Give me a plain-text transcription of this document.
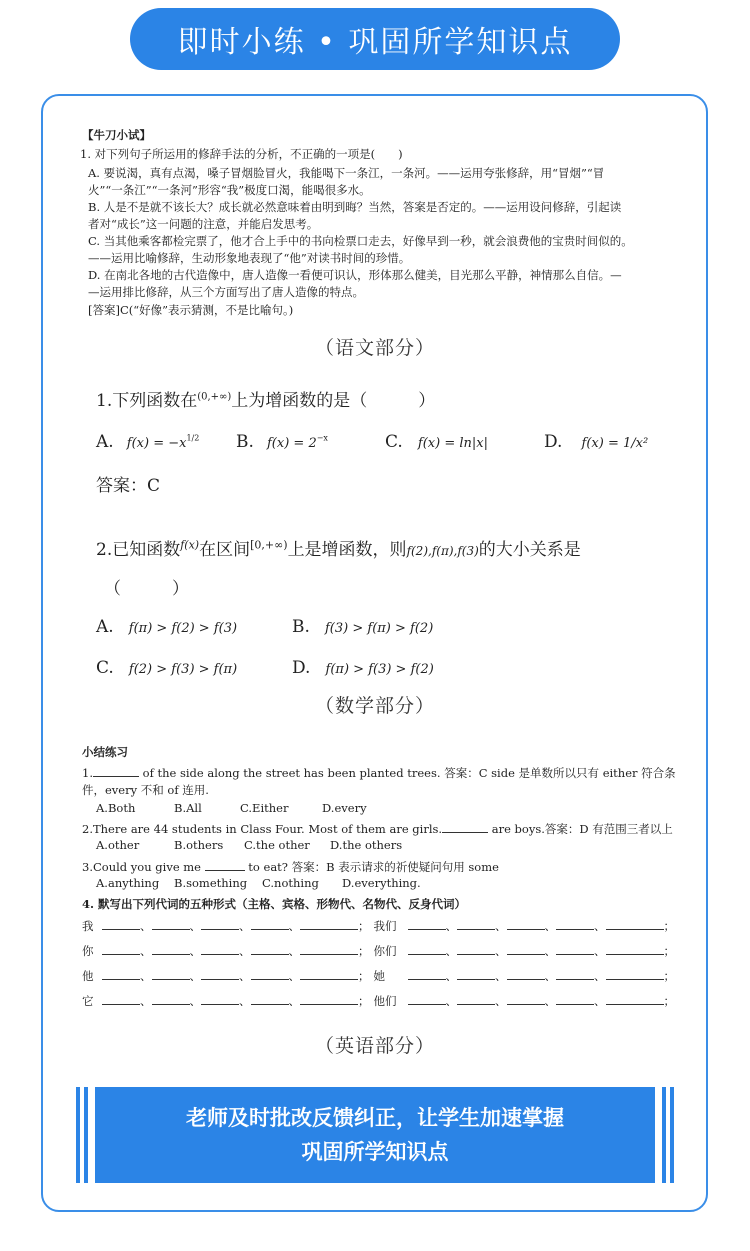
即时小练 • 巩固所学知识点
【牛刀小试】
1. 对下列句子所运用的修辞手法的分析，不正确的一项是(　　)
A. 要说渴，真有点渴，嗓子冒烟脸冒火，我能喝下一条江，一条河。——运用夸张修辞，用“冒烟”“冒
火”“一条江”“一条河”形容“我”极度口渴，能喝很多水。
B. 人是不是就不该长大？成长就必然意味着由明到晦？当然，答案是否定的。——运用设问修辞，引起读
者对“成长”这一问题的注意，并能启发思考。
C. 当其他乘客都检完票了，他才合上手中的书向检票口走去，好像早到一秒，就会浪费他的宝贵时间似的。
——运用比喻修辞，生动形象地表现了“他”对读书时间的珍惜。
D. 在南北各地的古代造像中，唐人造像一看便可识认，形体那么健美，目光那么平静，神情那么自信。—
—运用排比修辞，从三个方面写出了唐人造像的特点。
[答案]C(“好像”表示猜测，不是比喻句。)
（语文部分）
1.下列函数在$^{(0,+\infty)}$上为增函数的是（　　　）
A. $f(x) = -x^{1/2}$ B. $f(x) = 2^{-x}$	C. f(x) = ln|x|	D. f(x) = 1/x²
答案：C
2.已知函数$^{f(x)}$在区间$^{[0,+\infty)}$上是增函数，则f(2),f(π),f(3)的大小关系是
（　　　）
A. f(π) > f(2) > f(3)	B. f(3) > f(π) > f(2)
C. f(2) > f(3) > f(π)	D. f(π) > f(3) > f(2)
（数学部分）
小结练习
1.	of the side along the street has been planted trees. 答案：C side 是单数所以只有 either 符合条
件，every 不和 of 连用.
A.Both	B.All	C.Either	D.every
2.There are 44 students in Class Four. Most of them are girls.	are boys.答案：D 有范围三者以上
A.other	B.others C.the other D.the others
3.Could you give me	to eat? 答案：B 表示请求的祈使疑问句用 some
A.anything B.something C.nothing D.everything.
4. 默写出下列代词的五种形式（主格、宾格、形物代、名物代、反身代词）
我	、	、	、	、	； 我们	、	、	、	、	；
你	、	、	、	、	； 你们	、	、	、	、	；
他	、	、	、	、	； 她	、	、	、	、	；
它	、	、	、	、	； 他们	、	、	、	、	；
（英语部分）
老师及时批改反馈纠正，让学生加速掌握
巩固所学知识点
